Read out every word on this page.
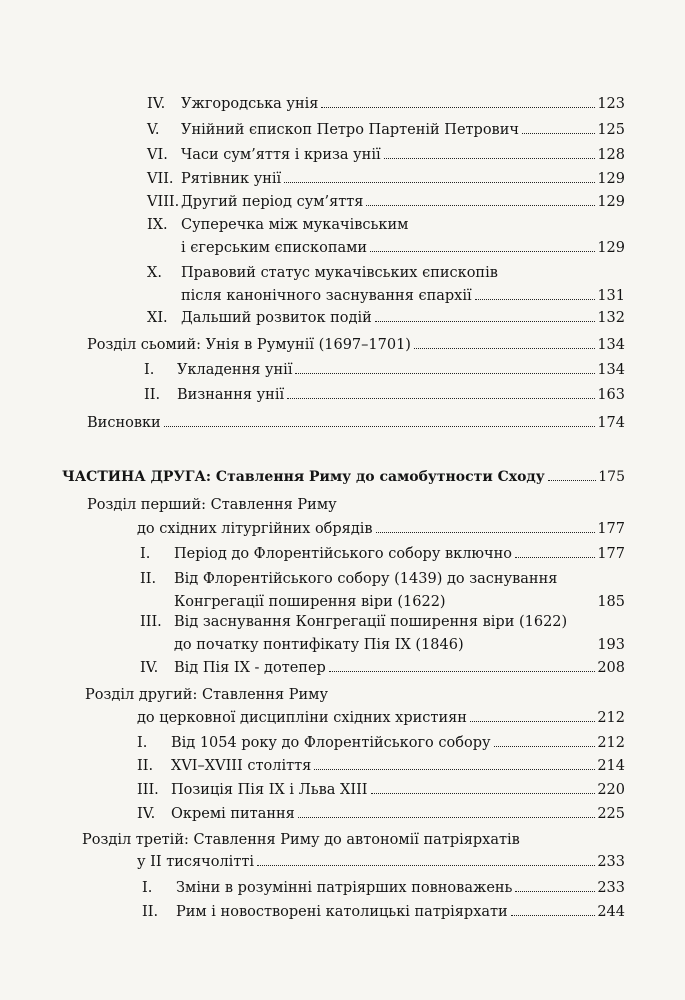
IV.	Ужгородська унія	123
V.	Унійний єпископ Петро Партеній Петрович	125
VI. Часи сум’яття і криза унії	128
VII. Рятівник унії	129
VIII. Другий період сум’яття	129
IX. Суперечка між мукачівським
і єгерським єпископами	129
X. Правовий статус мукачівських єпископів
після канонічного заснування єпархії	131
XI. Дальший розвиток подій	132
Розділ сьомий: Унія в Румунії (1697–1701)	134
I.	Укладення унії	134
II.	Визнання унії	163
Висновки	174
ЧАСТИНА ДРУГА: Ставлення Риму до самобутности Сходу	175
Розділ перший: Ставлення Риму
до східних літургійних обрядів	177
I.	Період до Флорентійського собору включно	177
II. Від Флорентійського собору (1439) до заснування
Конгрегації поширення віри (1622)	185
III. Від заснування Конгрегації поширення віри (1622)
до початку понтифікату Пія IX (1846)	193
IV.	Від Пія IX - дотепер	208
Розділ другий: Ставлення Риму
до церковної дисципліни східних християн	212
I.	Від 1054 року до Флорентійського собору	212
II.	XVI–XVIII століття	214
III. Позиція Пія IX і Льва XIII	220
IV.	Окремі питання	225
Розділ третій: Ставлення Риму до автономії патріярхатів
у II тисячолітті	233
I.	Зміни в розумінні патріярших повноважень	233
II.	Рим і новостворені католицькі патріярхати	244
